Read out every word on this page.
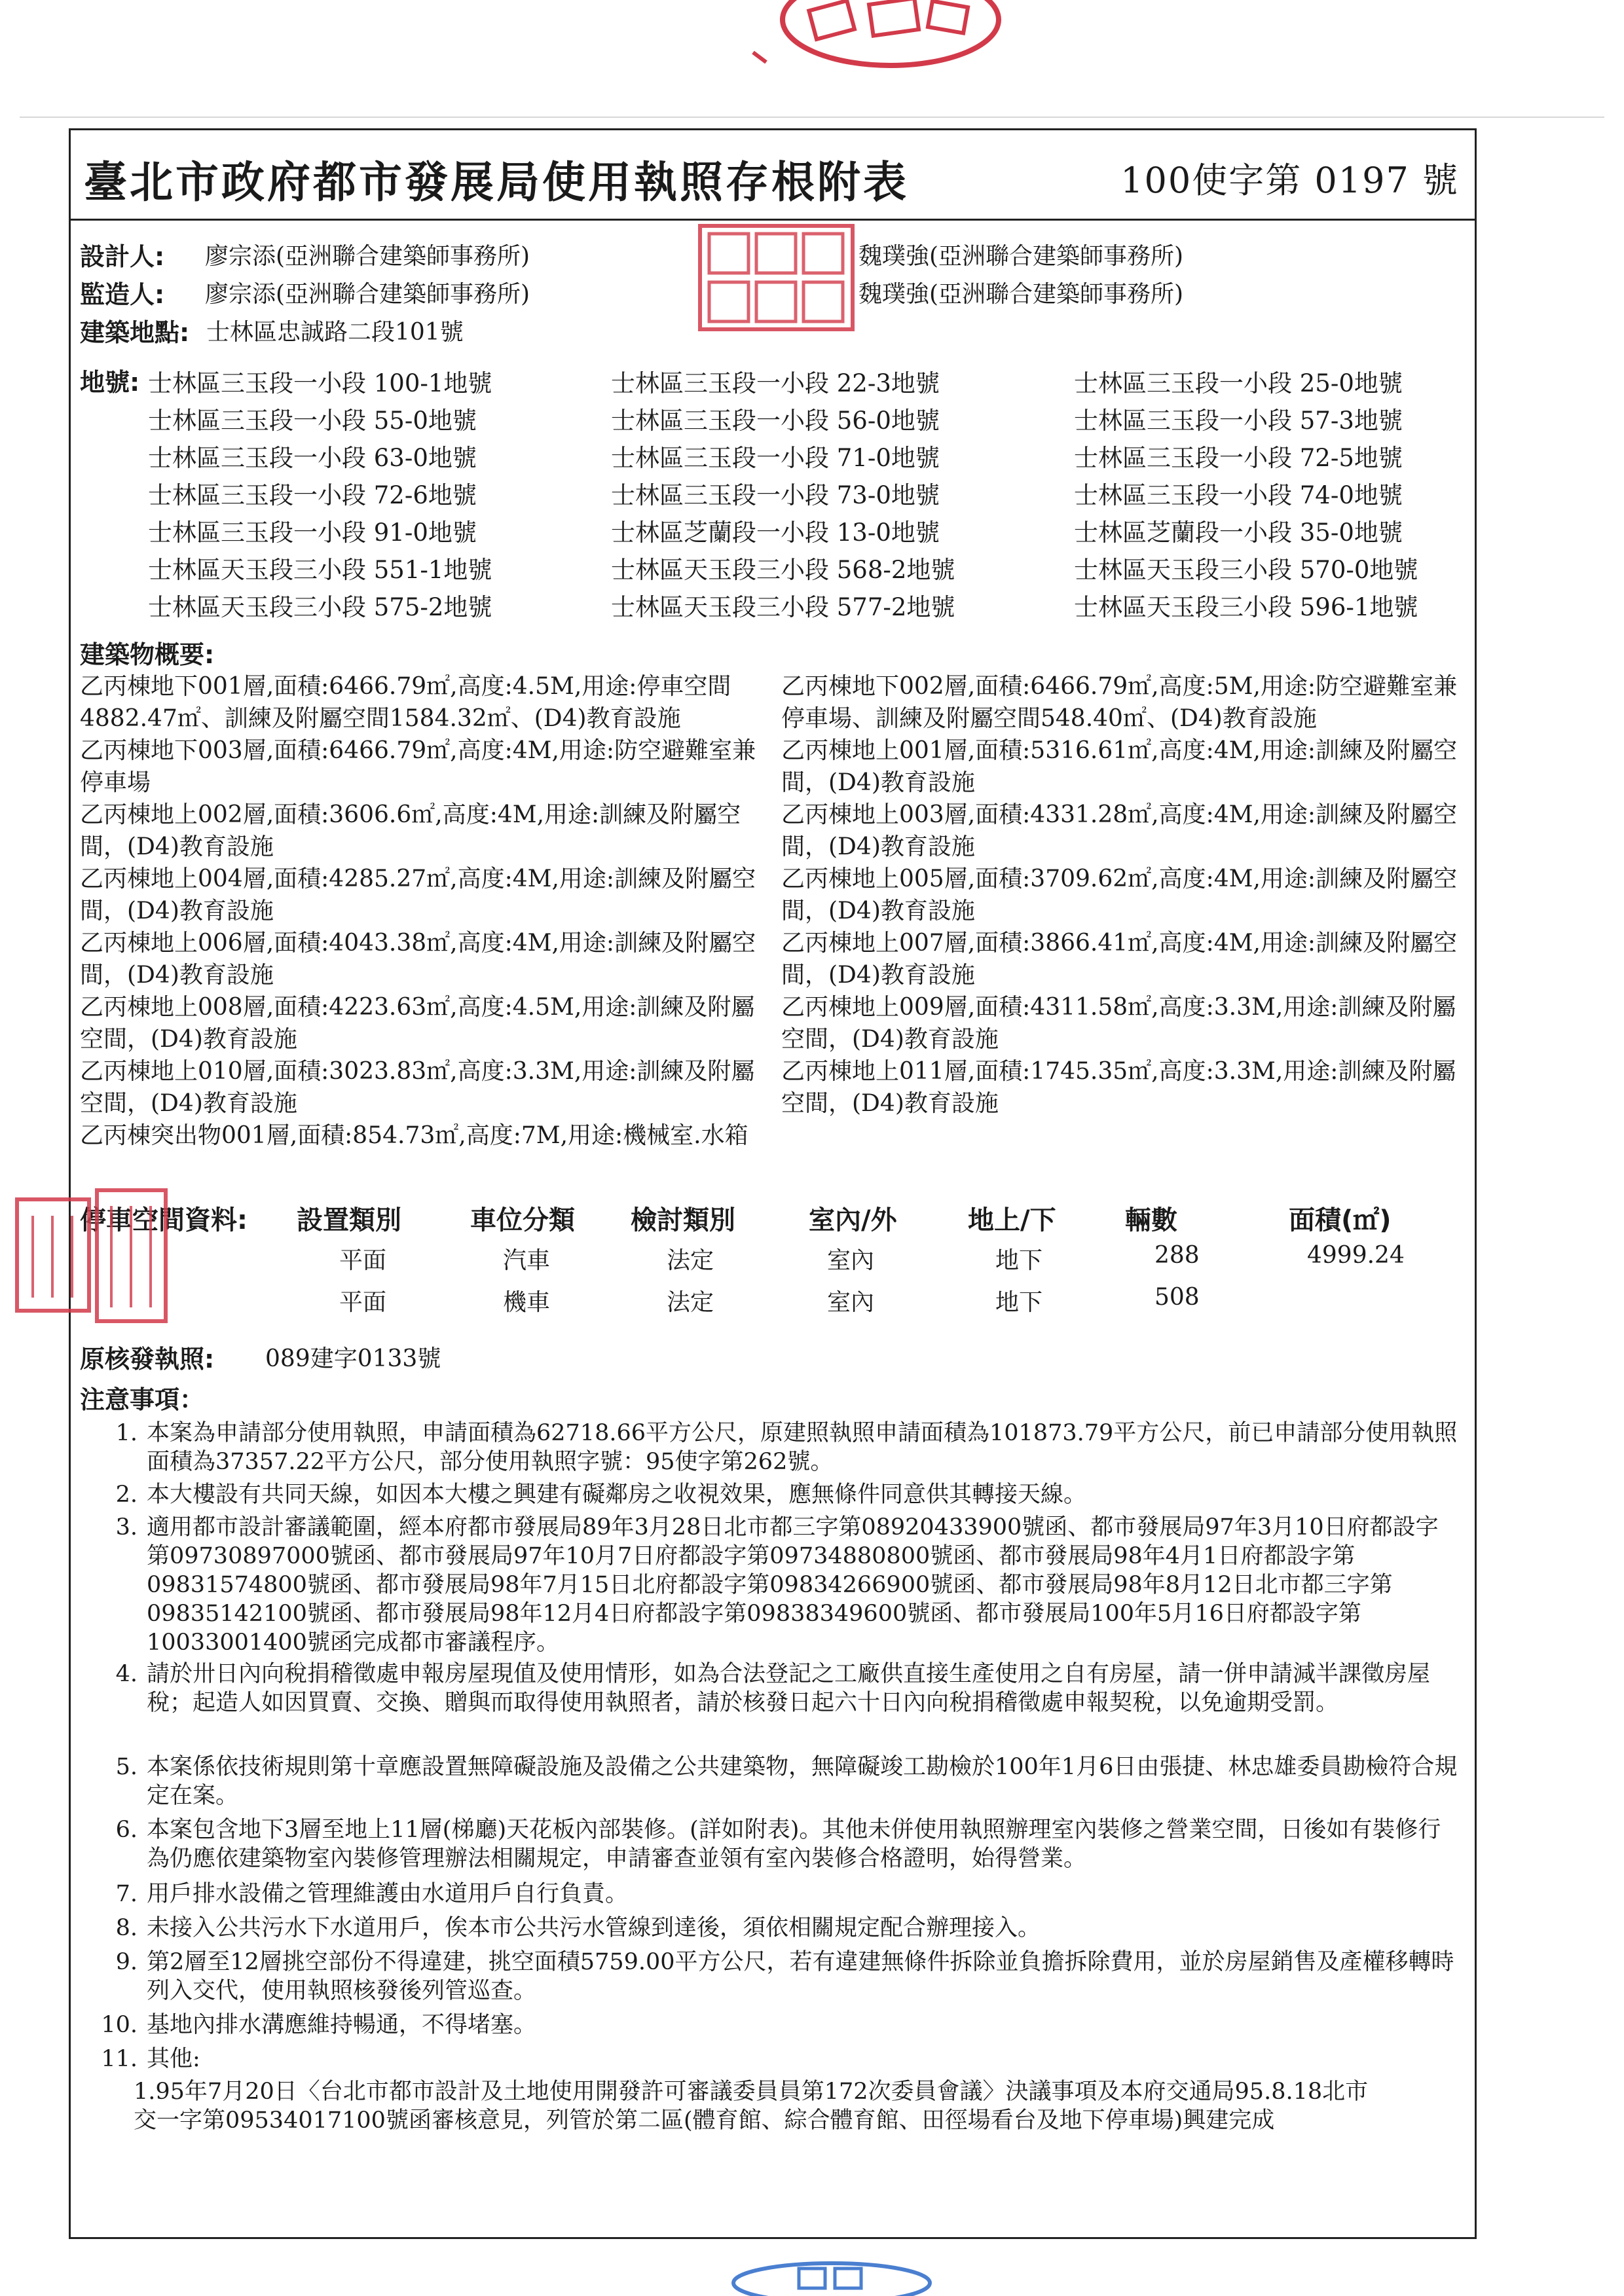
臺北市政府都市發展局使用執照存根附表	100使字第 0197 號
設計人: 廖宗添(亞洲聯合建築師事務所)	魏璞強(亞洲聯合建築師事務所)
監造人: 廖宗添(亞洲聯合建築師事務所)	魏璞強(亞洲聯合建築師事務所)
建築地點: 士林區忠誠路二段101號
地號: 士林區三玉段一小段 100-1地號	士林區三玉段一小段 22-3地號	士林區三玉段一小段 25-0地號
士林區三玉段一小段 55-0地號	士林區三玉段一小段 56-0地號	士林區三玉段一小段 57-3地號
士林區三玉段一小段 63-0地號	士林區三玉段一小段 71-0地號	士林區三玉段一小段 72-5地號
士林區三玉段一小段 72-6地號	士林區三玉段一小段 73-0地號	士林區三玉段一小段 74-0地號
士林區三玉段一小段 91-0地號	士林區芝蘭段一小段 13-0地號	士林區芝蘭段一小段 35-0地號
士林區天玉段三小段 551-1地號	士林區天玉段三小段 568-2地號	士林區天玉段三小段 570-0地號
士林區天玉段三小段 575-2地號	士林區天玉段三小段 577-2地號	士林區天玉段三小段 596-1地號
建築物概要:
乙丙棟地下001層,面積:6466.79㎡,高度:4.5M,用途:停車空間4882.47㎡、訓練及附屬空間1584.32㎡、(D4)教育設施
乙丙棟地下003層,面積:6466.79㎡,高度:4M,用途:防空避難室兼停車場
乙丙棟地上002層,面積:3606.6㎡,高度:4M,用途:訓練及附屬空間，(D4)教育設施
乙丙棟地上004層,面積:4285.27㎡,高度:4M,用途:訓練及附屬空間，(D4)教育設施
乙丙棟地上006層,面積:4043.38㎡,高度:4M,用途:訓練及附屬空間，(D4)教育設施
乙丙棟地上008層,面積:4223.63㎡,高度:4.5M,用途:訓練及附屬空間，(D4)教育設施
乙丙棟地上010層,面積:3023.83㎡,高度:3.3M,用途:訓練及附屬空間，(D4)教育設施
乙丙棟突出物001層,面積:854.73㎡,高度:7M,用途:機械室.水箱
乙丙棟地下002層,面積:6466.79㎡,高度:5M,用途:防空避難室兼停車場、訓練及附屬空間548.40㎡、(D4)教育設施
乙丙棟地上001層,面積:5316.61㎡,高度:4M,用途:訓練及附屬空間，(D4)教育設施
乙丙棟地上003層,面積:4331.28㎡,高度:4M,用途:訓練及附屬空間，(D4)教育設施
乙丙棟地上005層,面積:3709.62㎡,高度:4M,用途:訓練及附屬空間，(D4)教育設施
乙丙棟地上007層,面積:3866.41㎡,高度:4M,用途:訓練及附屬空間，(D4)教育設施
乙丙棟地上009層,面積:4311.58㎡,高度:3.3M,用途:訓練及附屬空間，(D4)教育設施
乙丙棟地上011層,面積:1745.35㎡,高度:3.3M,用途:訓練及附屬空間，(D4)教育設施
停車空間資料: 設置類別	車位分類 檢討類別	室內/外	地上/下	輛數	面積(㎡)
平面	汽車	法定	室內	地下	288	4999.24
平面	機車	法定	室內	地下	508
原核發執照: 089建字0133號
注意事項：
1. 本案為申請部分使用執照，申請面積為62718.66平方公尺，原建照執照申請面積為101873.79平方公尺，前已申請部分使用執照面積為37357.22平方公尺，部分使用執照字號：95使字第262號。
2. 本大樓設有共同天線，如因本大樓之興建有礙鄰房之收視效果，應無條件同意供其轉接天線。
3. 適用都市設計審議範圍，經本府都市發展局89年3月28日北市都三字第08920433900號函、都市發展局97年3月10日府都設字第09730897000號函、都市發展局97年10月7日府都設字第09734880800號函、都市發展局98年4月1日府都設字第09831574800號函、都市發展局98年7月15日北府都設字第09834266900號函、都市發展局98年8月12日北市都三字第09835142100號函、都市發展局98年12月4日府都設字第09838349600號函、都市發展局100年5月16日府都設字第10033001400號函完成都市審議程序。
4. 請於卅日內向稅捐稽徵處申報房屋現值及使用情形，如為合法登記之工廠供直接生產使用之自有房屋，請一併申請減半課徵房屋稅；起造人如因買賣、交換、贈與而取得使用執照者，請於核發日起六十日內向稅捐稽徵處申報契稅，以免逾期受罰。
5. 本案係依技術規則第十章應設置無障礙設施及設備之公共建築物，無障礙竣工勘檢於100年1月6日由張捷、林忠雄委員勘檢符合規定在案。
6. 本案包含地下3層至地上11層(梯廳)天花板內部裝修。(詳如附表)。其他未併使用執照辦理室內裝修之營業空間，日後如有裝修行為仍應依建築物室內裝修管理辦法相關規定，申請審查並領有室內裝修合格證明，始得營業。
7. 用戶排水設備之管理維護由水道用戶自行負責。
8. 未接入公共污水下水道用戶，俟本市公共污水管線到達後，須依相關規定配合辦理接入。
9. 第2層至12層挑空部份不得違建，挑空面積5759.00平方公尺，若有違建無條件拆除並負擔拆除費用，並於房屋銷售及產權移轉時列入交代，使用執照核發後列管巡查。
10. 基地內排水溝應維持暢通，不得堵塞。
11. 其他:
1.95年7月20日〈台北市都市設計及土地使用開發許可審議委員員第172次委員會議〉決議事項及本府交通局95.8.18北市交一字第09534017100號函審核意見，列管於第二區(體育館、綜合體育館、田徑場看台及地下停車場)興建完成
